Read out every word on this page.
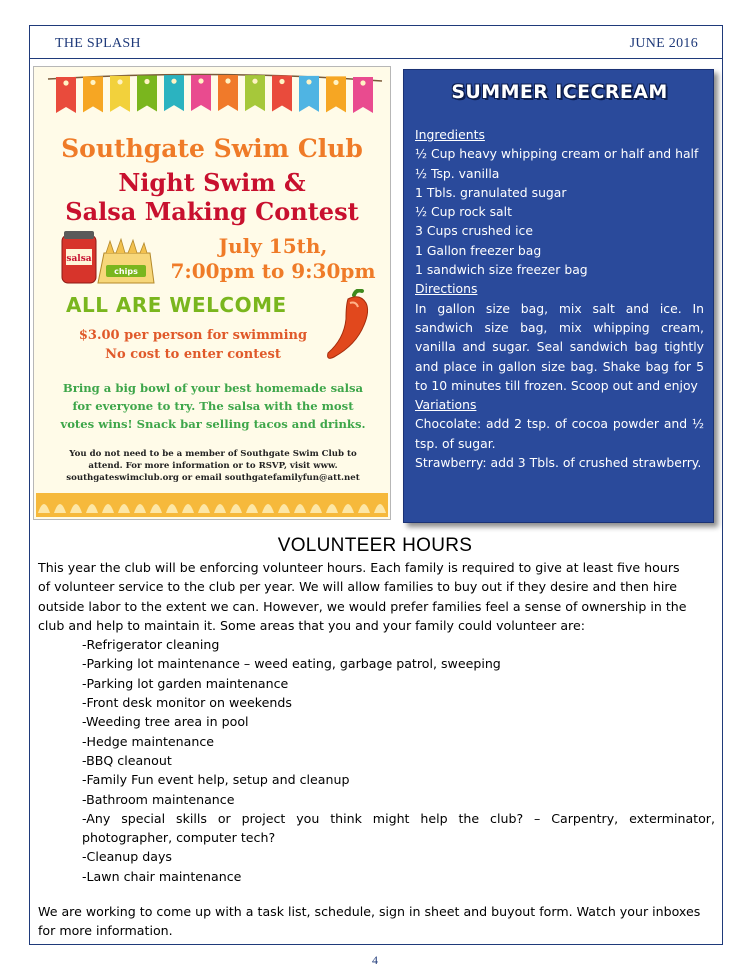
THE SPLASH	JUNE 2016
Southgate Swim Club
Night Swim &
Salsa Making Contest
salsa
chips
July 15th,
7:00pm to 9:30pm
ALL ARE WELCOME
$3.00 per person for swimming
No cost to enter contest
Bring a big bowl of your best homemade salsa
for everyone to try. The salsa with the most
votes wins! Snack bar selling tacos and drinks.
You do not need to be a member of Southgate Swim Club to
attend. For more information or to RSVP, visit www.
southgateswimclub.org or email southgatefamilyfun@att.net
SUMMER ICECREAM
Ingredients
½ Cup heavy whipping cream or half and half
½ Tsp. vanilla
1 Tbls. granulated sugar
½ Cup rock salt
3 Cups crushed ice
1 Gallon freezer bag
1 sandwich size freezer bag
Directions
In gallon size bag, mix salt and ice. In sandwich size bag, mix whipping cream, vanilla and sugar. Seal sandwich bag tightly and place in gallon size bag. Shake bag for 5 to 10 minutes till frozen. Scoop out and enjoy
Variations
Chocolate: add 2 tsp. of cocoa powder and ½ tsp. of sugar.
Strawberry: add 3 Tbls. of crushed strawberry.
VOLUNTEER HOURS
This year the club will be enforcing volunteer hours. Each family is required to give at least five hours
of volunteer service to the club per year. We will allow families to buy out if they desire and then hire
outside labor to the extent we can. However, we would prefer families feel a sense of ownership in the
club and help to maintain it. Some areas that you and your family could volunteer are:
-Refrigerator cleaning
-Parking lot maintenance – weed eating, garbage patrol, sweeping
-Parking lot garden maintenance
-Front desk monitor on weekends
-Weeding tree area in pool
-Hedge maintenance
-BBQ cleanout
-Family Fun event help, setup and cleanup
-Bathroom maintenance
-Any special skills or project you think might help the club? – Carpentry, exterminator, photographer, computer tech?
-Cleanup days
-Lawn chair maintenance
We are working to come up with a task list, schedule, sign in sheet and buyout form. Watch your inboxes
for more information.
4
